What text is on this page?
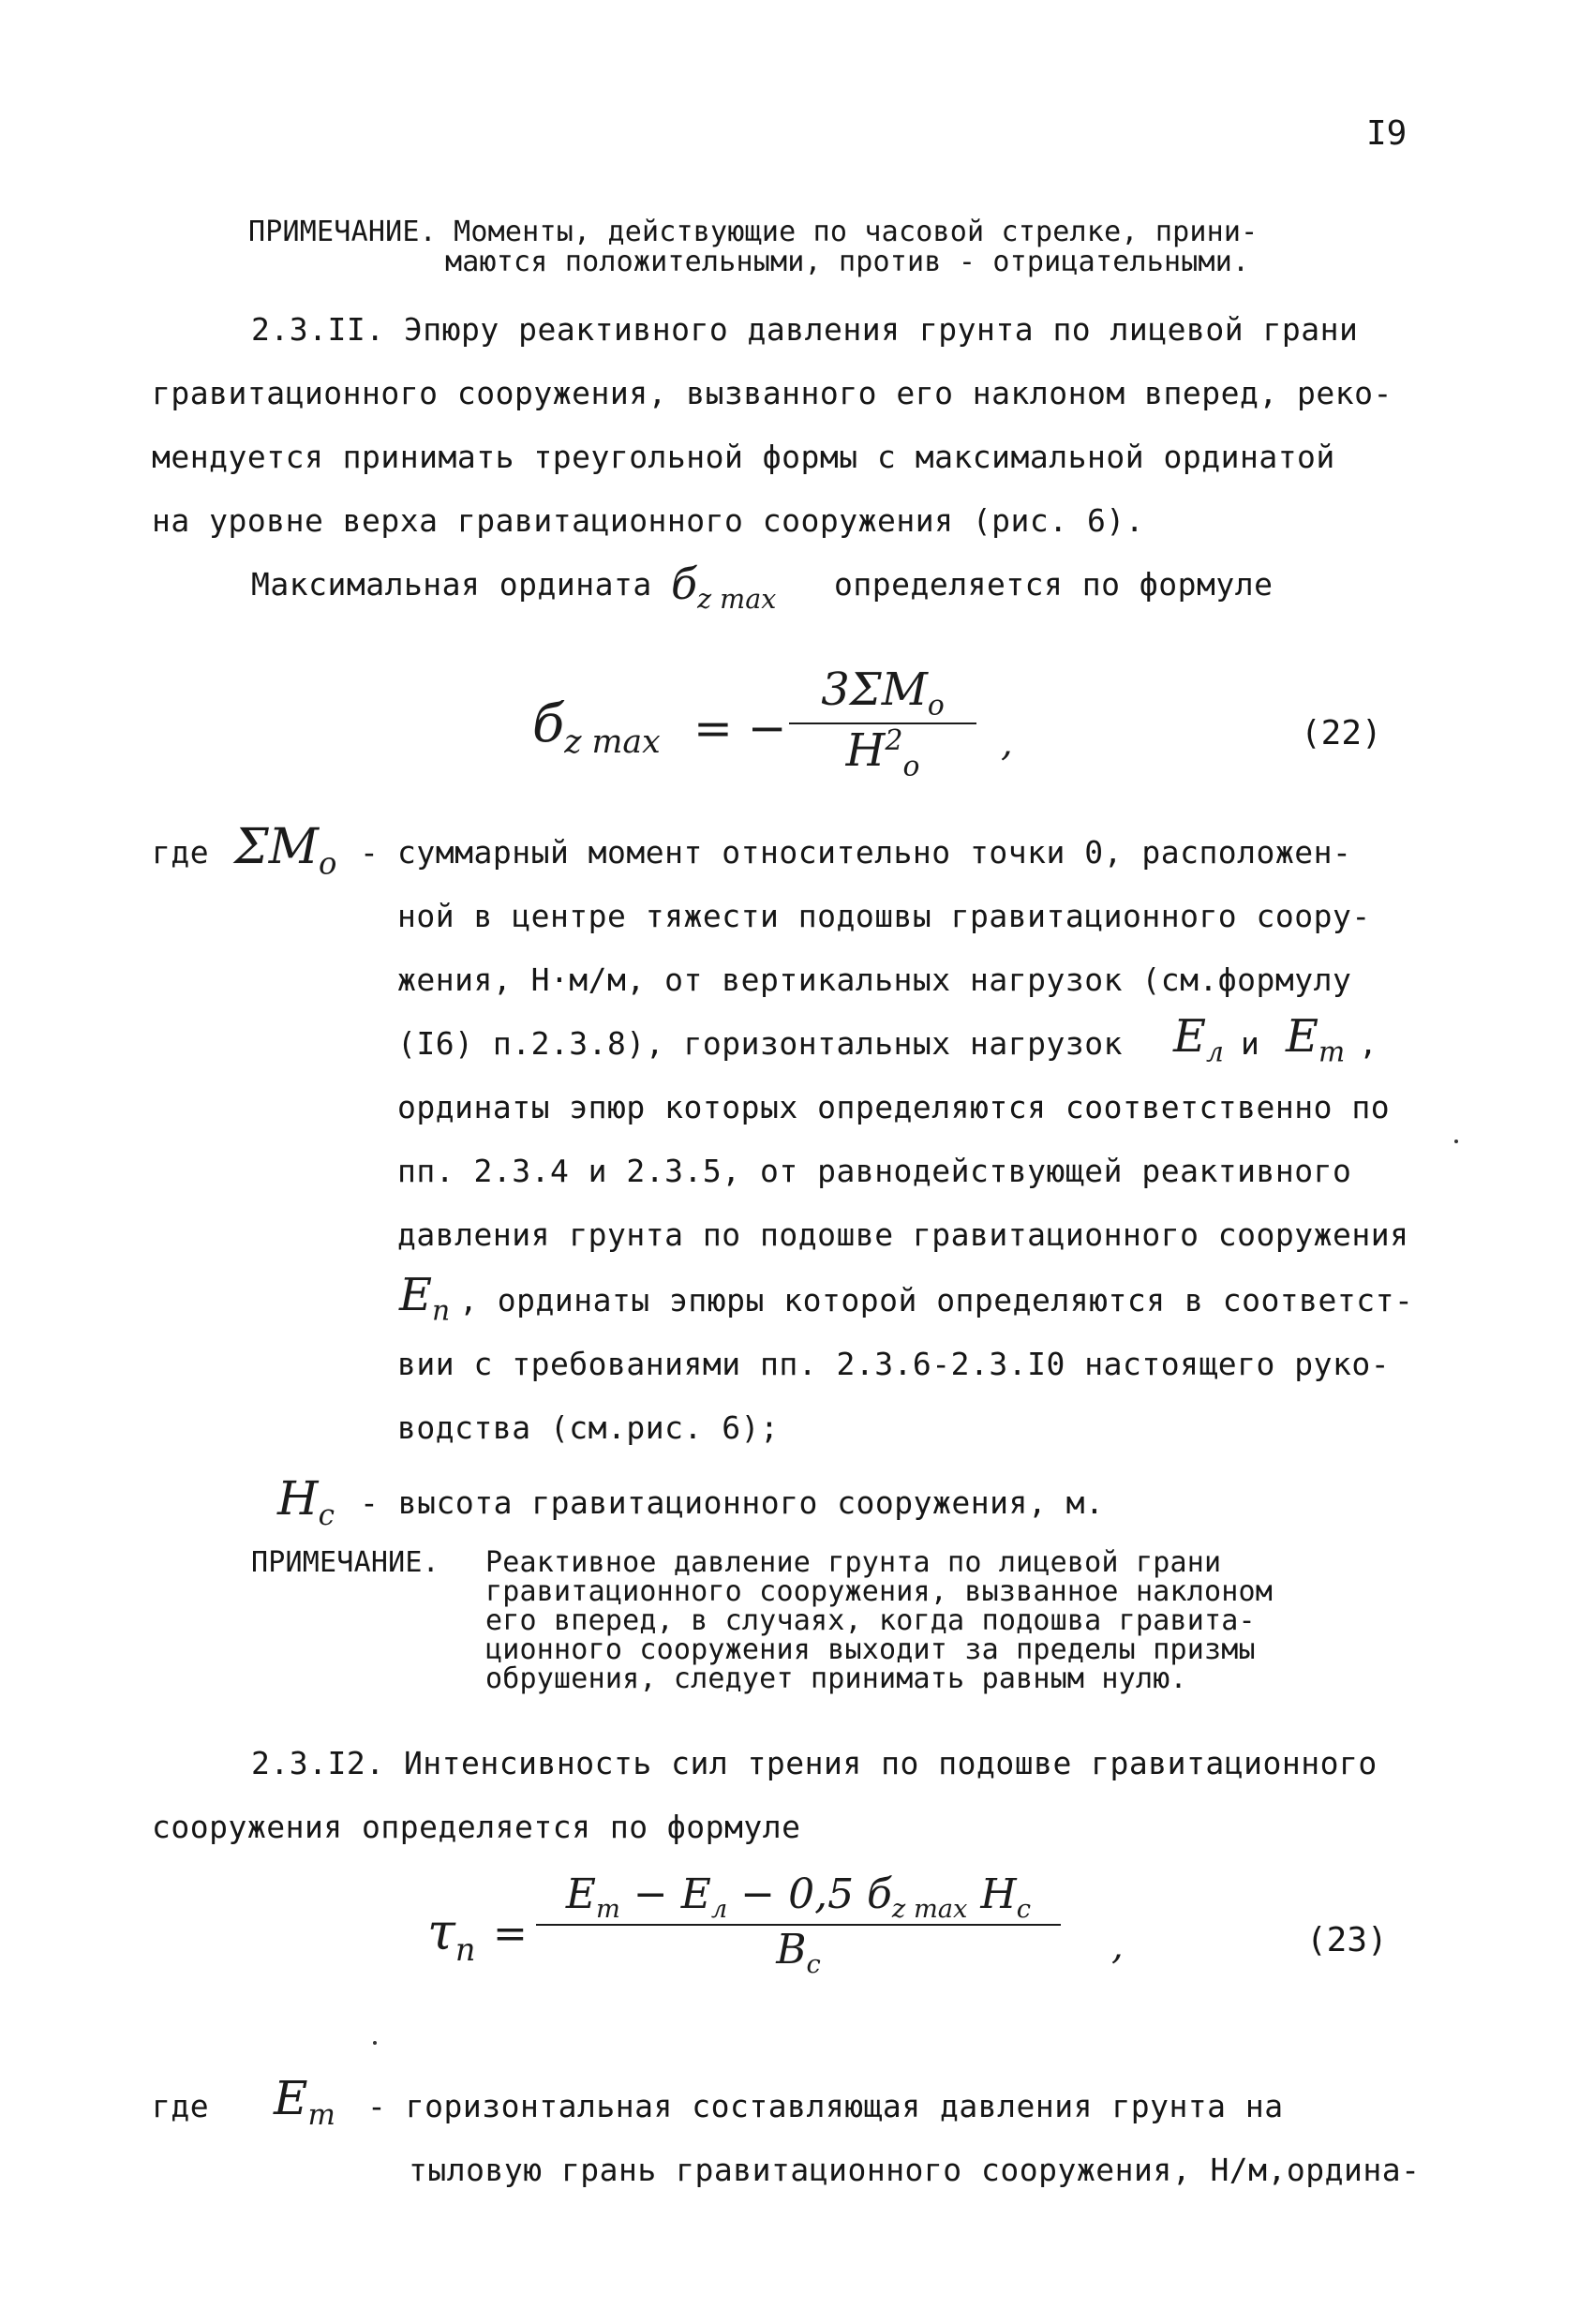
I9
ПРИМЕЧАНИЕ. Моменты, действующие по часовой стрелке, прини-
маются положительными, против - отрицательными.
2.3.II. Эпюру реактивного давления грунта по лицевой грани
гравитационного сооружения, вызванного его наклоном вперед, реко-
мендуется принимать треугольной формы с максимальной ординатой
на уровне верха гравитационного сооружения (рис. 6).
Максимальная ордината $б_{z max}$ определяется по формуле
$б_{z max}$ = −
$3\Sigma M_o$
$H^2_o$
,	(22)
где $\Sigma M_o$ - суммарный момент относительно точки 0, расположен-
ной в центре тяжести подошвы гравитационного соору-
жения, Н·м/м, от вертикальных нагрузок (см.формулу
(I6) п.2.3.8), горизонтальных нагрузок $E_л$ и $E_т$ ,
ординаты эпюр которых определяются соответственно по
пп. 2.3.4 и 2.3.5, от равнодействующей реактивного
давления грунта по подошве гравитационного сооружения
$E_п$ , ординаты эпюры которой определяются в соответст-
вии с требованиями пп. 2.3.6-2.3.I0 настоящего руко-
водства (см.рис. 6);
$H_c$ - высота гравитационного сооружения, м.
ПРИМЕЧАНИЕ. Реактивное давление грунта по лицевой грани
гравитационного сооружения, вызванное наклоном
его вперед, в случаях, когда подошва гравита-
ционного сооружения выходит за пределы призмы
обрушения, следует принимать равным нулю.
2.3.I2. Интенсивность сил трения по подошве гравитационного
сооружения определяется по формуле
$\tau_п$ =
$E_т - E_л - 0,5$ $б_{z max}$ $H_c$
$B_c$	,	(23)
где $E_т$ - горизонтальная составляющая давления грунта на
тыловую грань гравитационного сооружения, Н/м,ордина-
